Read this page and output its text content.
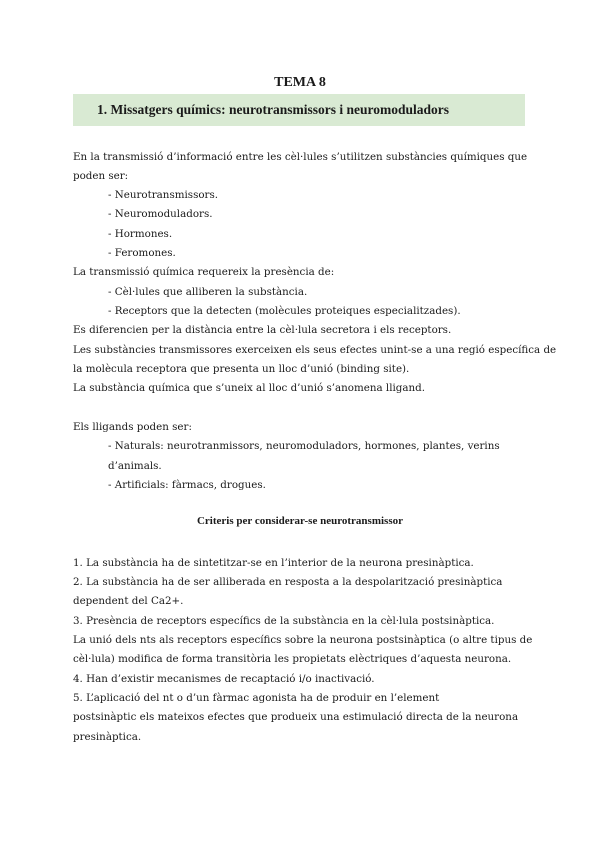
TEMA 8
1. Missatgers químics: neurotransmissors i neuromoduladors
En la transmissió d’informació entre les cèl·lules s’utilitzen substàncies químiques que
poden ser:
- Neurotransmissors.
- Neuromoduladors.
- Hormones.
- Feromones.
La transmissió química requereix la presència de:
- Cèl·lules que alliberen la substància.
- Receptors que la detecten (molècules proteiques especialitzades).
Es diferencien per la distància entre la cèl·lula secretora i els receptors.
Les substàncies transmissores exerceixen els seus efectes unint-se a una regió específica de
la molècula receptora que presenta un lloc d’unió (binding site).
La substància química que s’uneix al lloc d’unió s’anomena lligand.
Els lligands poden ser:
- Naturals: neurotranmissors, neuromoduladors, hormones, plantes, verins
d’animals.
- Artificials: fàrmacs, drogues.
Criteris per considerar-se neurotransmissor
1. La substància ha de sintetitzar-se en l’interior de la neurona presinàptica.
2. La substància ha de ser alliberada en resposta a la despolarització presinàptica
dependent del Ca2+.
3. Presència de receptors específics de la substància en la cèl·lula postsinàptica.
La unió dels nts als receptors específics sobre la neurona postsinàptica (o altre tipus de
cèl·lula) modifica de forma transitòria les propietats elèctriques d’aquesta neurona.
4. Han d’existir mecanismes de recaptació i/o inactivació.
5. L’aplicació del nt o d’un fàrmac agonista ha de produir en l’element
postsinàptic els mateixos efectes que produeix una estimulació directa de la neurona
presinàptica.
